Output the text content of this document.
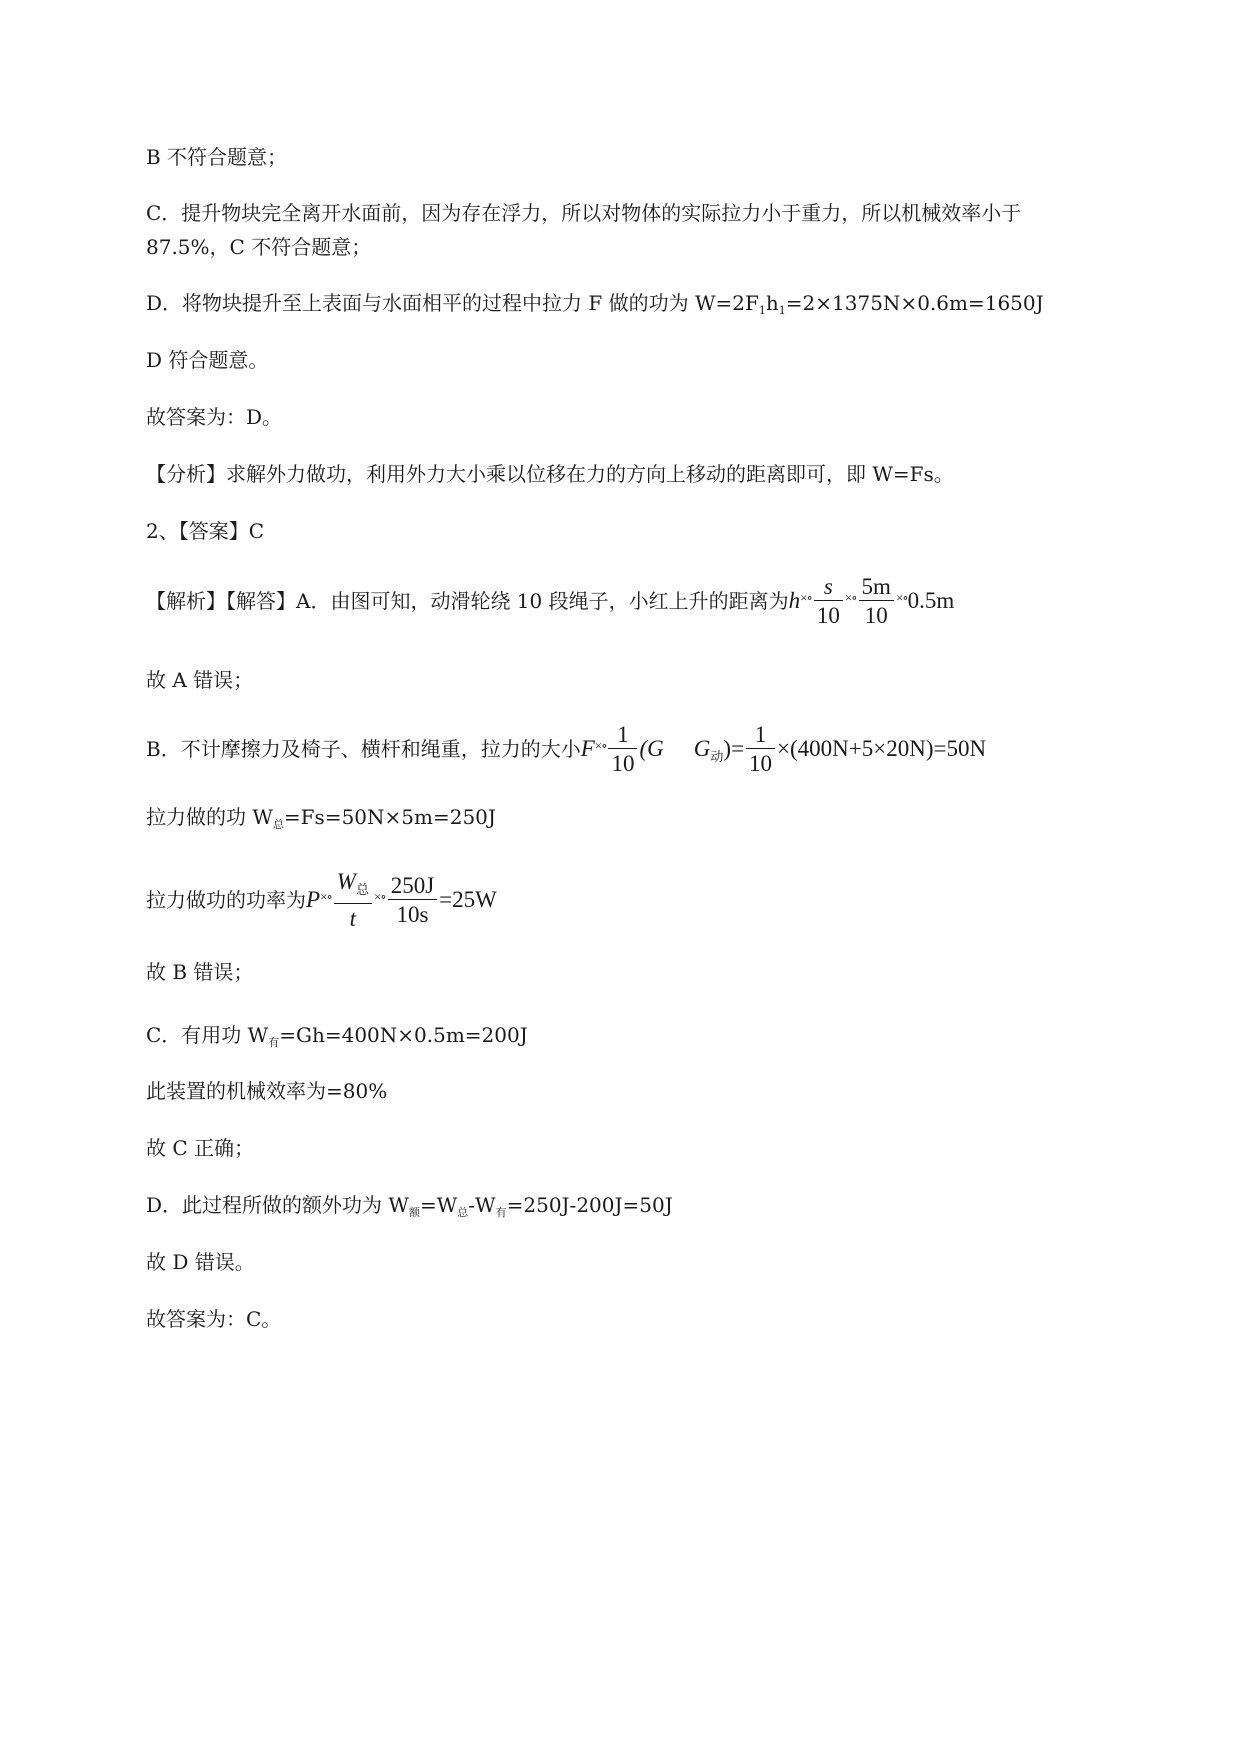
B 不符合题意；
C．提升物块完全离开水面前，因为存在浮力，所以对物体的实际拉力小于重力，所以机械效率小于
87.5%，C 不符合题意；
D．将物块提升至上表面与水面相平的过程中拉力 F 做的功为 $W=2F_1h_1=2\times 1375N\times 0.6m=1650J$
D 符合题意。
故答案为：D。
【分析】求解外力做功，利用外力大小乘以位移在力的方向上移动的距离即可，即 W=Fs。
2、【答案】C
【解析】【解答】A．由图可知，动滑轮绕 10 段绳子，小红上升的距离为$h^{\times\circ} \frac{s}{10} ^{\times\circ} \frac{5m}{10} ^{\times\circ}0.5m$
故 A 错误；
B．不计摩擦力及椅子、横杆和绳重，拉力的大小$F^{\times\circ} \frac{1}{10} (G$ $G_动)= \frac{1}{10} \times(400N+5\times 20N)=50N$
拉力做的功 $W_总=Fs=50N\times 5m=250J$
拉力做功的功率为$P^{\times\circ} \frac{W_总}{t} ^{\times\circ} \frac{250J}{10s} =25W$
故 B 错误；
C．有用功 $W_有=Gh=400N\times 0.5m=200J$
此装置的机械效率为=80%
故 C 正确；
D．此过程所做的额外功为 $W_额=W_总-W_有=250J-200J=50J$
故 D 错误。
故答案为：C。
